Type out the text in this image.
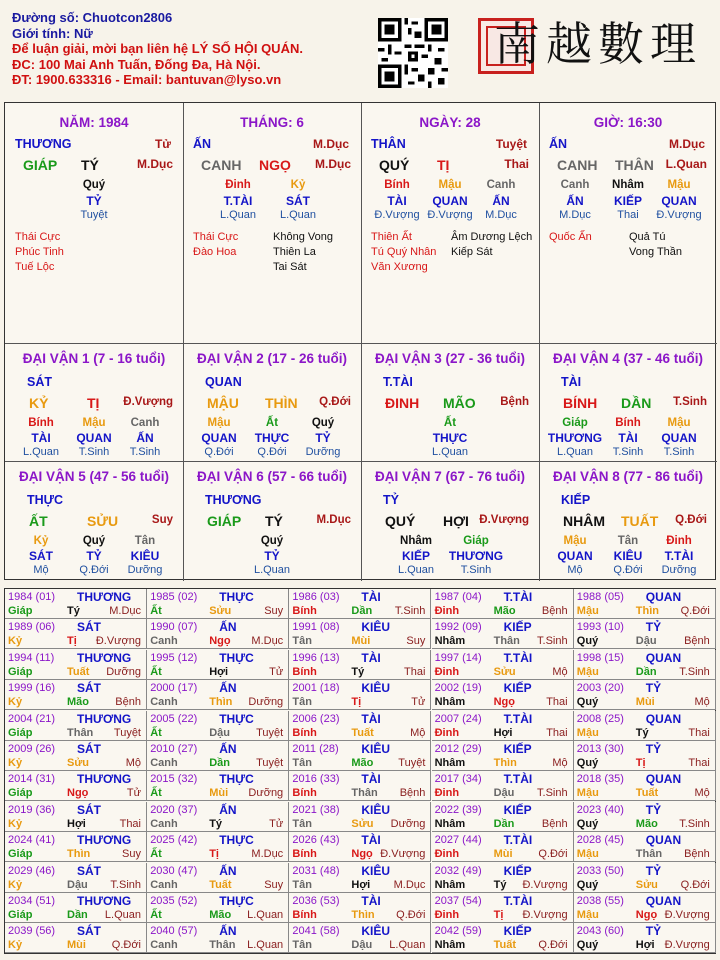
Đường số: Chuotcon2806
Giới tính: Nữ
Để luận giải, mời bạn liên hệ LÝ SỐ HỘI QUÁN.
ĐC: 100 Mai Anh Tuấn, Đống Đa, Hà Nội.
ĐT: 1900.633316 - Email: bantuvan@lyso.vn
南越數理
NĂM: 1984
THƯƠNG	Tử
GIÁP TÝ	M.Dục
Quý
TỶ
Tuyệt
Thái Cực
Phúc Tinh
Tuế Lộc
THÁNG: 6
ẤN	M.Dục
CANH NGỌ M.Dục
Đinh
T.TÀI
L.Quan
Kỷ
SÁT
L.Quan
Thái Cực
Đào Hoa
Không Vong
Thiên La
Tai Sát
NGÀY: 28
THÂN	Tuyệt
QUÝ TỊ	Thai
Bính
TÀI
Đ.Vượng
Mậu
QUAN
Đ.Vượng
Canh
ẤN
M.Dục
Thiên Ất
Tú Quý Nhân
Văn Xương
Âm Dương Lệch
Kiếp Sát
GIỜ: 16:30
ẤN	M.Dục
CANH THÂN L.Quan
Canh
ẤN
M.Dục
Nhâm
KIẾP
Thai
Mậu
QUAN
Đ.Vượng
Quốc Ấn	Quả Tú
Vong Thần
ĐẠI VẬN 1 (7 - 16 tuổi)
SÁT
KỶ	TỊ Đ.Vượng
Bính
TÀI
L.Quan
Mậu
QUAN
T.Sinh
Canh
ẤN
T.Sinh
ĐẠI VẬN 2 (17 - 26 tuổi)
QUAN
MẬU THÌN Q.Đới
Mậu
QUAN
Q.Đới
Ất
THỰC
Q.Đới
Quý
TỶ
Dưỡng
ĐẠI VẬN 3 (27 - 36 tuổi)
T.TÀI
ĐINH MÃO Bệnh
Ất
THỰC
L.Quan
ĐẠI VẬN 4 (37 - 46 tuổi)
TÀI
BÍNH DẦN T.Sinh
Giáp
THƯƠNG
L.Quan
Bính
TÀI
T.Sinh
Mậu
QUAN
T.Sinh
ĐẠI VẬN 5 (47 - 56 tuổi)
THỰC
ẤT	SỬU	Suy
Kỷ
SÁT
Mộ
Quý
TỶ
Q.Đới
Tân
KIÊU
Dưỡng
ĐẠI VẬN 6 (57 - 66 tuổi)
THƯƠNG
GIÁP TÝ	M.Dục
Quý
TỶ
L.Quan
ĐẠI VẬN 7 (67 - 76 tuổi)
TỶ
QUÝ HỢI Đ.Vượng
Nhâm
KIẾP
L.Quan
Giáp
THƯƠNG
T.Sinh
ĐẠI VẬN 8 (77 - 86 tuổi)
KIẾP
NHÂM TUẤT Q.Đới
Mậu
QUAN
Mộ
Tân
KIÊU
Q.Đới
Đinh
T.TÀI
Dưỡng
1984 (01) THƯƠNG
Giáp	Tý	M.Dục
1985 (02) THỰC
Ất	Sửu	Suy
1986 (03) TÀI
Bính	Dần T.Sinh
1987 (04) T.TÀI
Đinh	Mão Bệnh
1988 (05) QUAN
Mậu	Thìn Q.Đới
1989 (06) SÁT
Kỷ	Tị Đ.Vượng
1990 (07) ẤN
Canh	Ngọ M.Dục
1991 (08) KIÊU
Tân	Mùi	Suy
1992 (09) KIẾP
Nhâm	Thân T.Sinh
1993 (10) TỶ
Quý	Dậu	Bệnh
1994 (11) THƯƠNG
Giáp	Tuất Dưỡng
1995 (12) THỰC
Ất	Hợi	Tử
1996 (13) TÀI
Bính	Tý	Thai
1997 (14) T.TÀI
Đinh	Sửu	Mộ
1998 (15) QUAN
Mậu	Dần T.Sinh
1999 (16) SÁT
Kỷ	Mão Bệnh
2000 (17) ẤN
Canh	Thìn Dưỡng
2001 (18) KIÊU
Tân	Tị	Tử
2002 (19) KIẾP
Nhâm	Ngọ	Thai
2003 (20) TỶ
Quý	Mùi	Mộ
2004 (21) THƯƠNG
Giáp	Thân Tuyệt
2005 (22) THỰC
Ất	Dậu Tuyệt
2006 (23) TÀI
Bính	Tuất	Mộ
2007 (24) T.TÀI
Đinh	Hợi	Thai
2008 (25) QUAN
Mậu	Tý	Thai
2009 (26) SÁT
Kỷ	Sửu	Mộ
2010 (27) ẤN
Canh	Dần Tuyệt
2011 (28) KIÊU
Tân	Mão Tuyệt
2012 (29) KIẾP
Nhâm	Thìn	Mộ
2013 (30) TỶ
Quý	Tị	Thai
2014 (31) THƯƠNG
Giáp	Ngọ	Tử
2015 (32) THỰC
Ất	Mùi Dưỡng
2016 (33) TÀI
Bính	Thân Bệnh
2017 (34) T.TÀI
Đinh	Dậu T.Sinh
2018 (35) QUAN
Mậu	Tuất	Mộ
2019 (36) SÁT
Kỷ	Hợi	Thai
2020 (37) ẤN
Canh	Tý	Tử
2021 (38) KIÊU
Tân	Sửu Dưỡng
2022 (39) KIẾP
Nhâm	Dần	Bệnh
2023 (40) TỶ
Quý	Mão T.Sinh
2024 (41) THƯƠNG
Giáp	Thìn	Suy
2025 (42) THỰC
Ất	Tị	M.Dục
2026 (43) TÀI
Bính	Ngọ Đ.Vượng
2027 (44) T.TÀI
Đinh	Mùi Q.Đới
2028 (45) QUAN
Mậu	Thân Bệnh
2029 (46) SÁT
Kỷ	Dậu T.Sinh
2030 (47) ẤN
Canh	Tuất	Suy
2031 (48) KIÊU
Tân	Hợi M.Dục
2032 (49) KIẾP
Nhâm	Tý Đ.Vượng
2033 (50) TỶ
Quý	Sửu Q.Đới
2034 (51) THƯƠNG
Giáp	Dần L.Quan
2035 (52) THỰC
Ất	Mão L.Quan
2036 (53) TÀI
Bính	Thìn Q.Đới
2037 (54) T.TÀI
Đinh	Tị Đ.Vượng
2038 (55) QUAN
Mậu	Ngọ Đ.Vượng
2039 (56) SÁT
Kỷ	Mùi Q.Đới
2040 (57) ẤN
Canh	Thân L.Quan
2041 (58) KIÊU
Tân	Dậu L.Quan
2042 (59) KIẾP
Nhâm	Tuất Q.Đới
2043 (60) TỶ
Quý	Hợi Đ.Vượng
